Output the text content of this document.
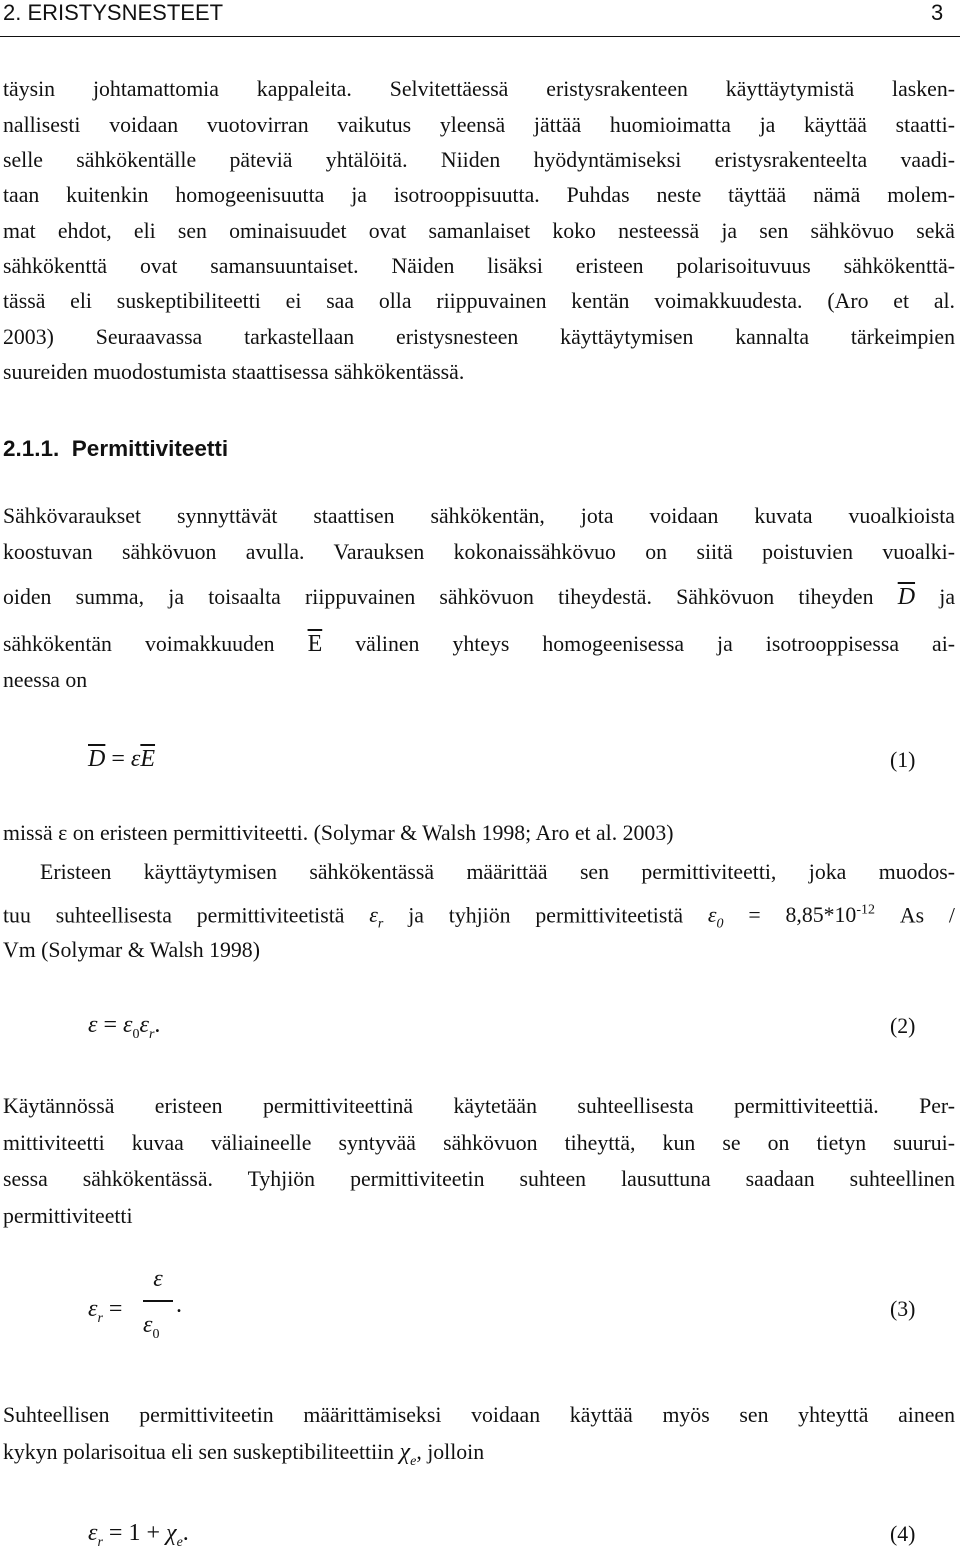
2. ERISTYSNESTEET	3
täysin johtamattomia kappaleita. Selvitettäessä eristysrakenteen käyttäytymistä lasken-
nallisesti voidaan vuotovirran vaikutus yleensä jättää huomioimatta ja käyttää staatti-
selle sähkökentälle päteviä yhtälöitä. Niiden hyödyntämiseksi eristysrakenteelta vaadi-
taan kuitenkin homogeenisuutta ja isotrooppisuutta. Puhdas neste täyttää nämä molem-
mat ehdot, eli sen ominaisuudet ovat samanlaiset koko nesteessä ja sen sähkövuo sekä
sähkökenttä ovat samansuuntaiset. Näiden lisäksi eristeen polarisoituvuus sähkökenttä-
tässä eli suskeptibiliteetti ei saa olla riippuvainen kentän voimakkuudesta. (Aro et al.
2003) Seuraavassa tarkastellaan eristysnesteen käyttäytymisen kannalta tärkeimpien
suureiden muodostumista staattisessa sähkökentässä.
2.1.1.  Permittiviteetti
Sähkövaraukset synnyttävät staattisen sähkökentän, jota voidaan kuvata vuoalkioista
koostuvan sähkövuon avulla. Varauksen kokonaissähkövuo on siitä poistuvien vuoalki-
oiden summa, ja toisaalta riippuvainen sähkövuon tiheydestä. Sähkövuon tiheyden $\overline{D}$ ja
sähkökentän voimakkuuden $\overline{E}$ välinen yhteys homogeenisessa ja isotrooppisessa ai-
neessa on
$\overline{D} = \varepsilon\overline{E}$	(1)
missä ε on eristeen permittiviteetti. (Solymar & Walsh 1998; Aro et al. 2003)
Eristeen käyttäytymisen sähkökentässä määrittää sen permittiviteetti, joka muodos-
tuu suhteellisesta permittiviteetistä $\varepsilon_r$ ja tyhjiön permittiviteetistä $\varepsilon_0 = 8,85*10^{-12}$ As /
Vm (Solymar & Walsh 1998)
$\varepsilon = \varepsilon_0\varepsilon_r$.	(2)
Käytännössä eristeen permittiviteettinä käytetään suhteellisesta permittiviteettiä. Per-
mittiviteetti kuvaa väliaineelle syntyvää sähkövuon tiheyttä, kun se on tietyn suurui-
sessa sähkökentässä. Tyhjiön permittiviteetin suhteen lausuttuna saadaan suhteellinen
permittiviteetti
$\varepsilon_r$ =
ε
$\varepsilon_0$
.	(3)
Suhteellisen permittiviteetin määrittämiseksi voidaan käyttää myös sen yhteyttä aineen
kykyn polarisoitua eli sen suskeptibiliteettiin $\chi_e$, jolloin
$\varepsilon_r = 1 + \chi_e$.	(4)
